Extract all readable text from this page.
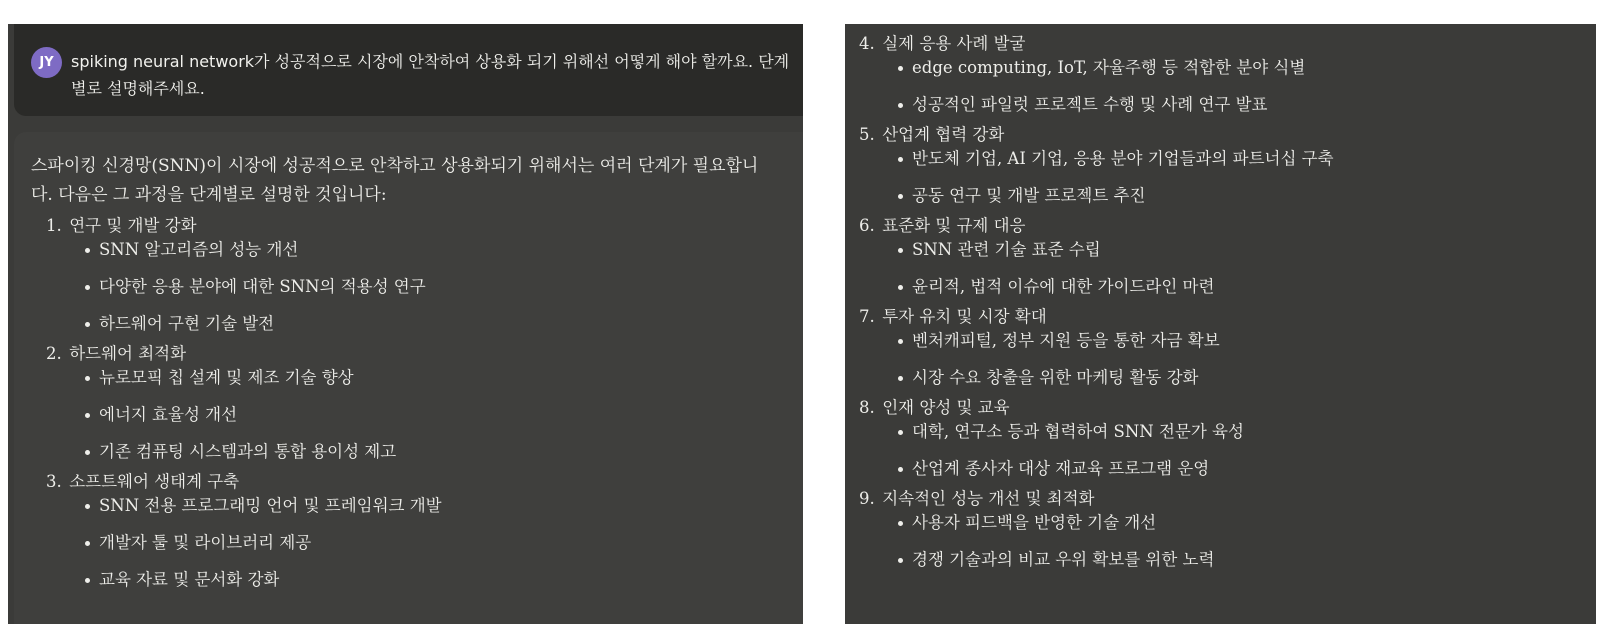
JY	spiking neural network가 성공적으로 시장에 안착하여 상용화 되기 위해선 어떻게 해야 할까요. 단계별로 설명해주세요.
스파이킹 신경망(SNN)이 시장에 성공적으로 안착하고 상용화되기 위해서는 여러 단계가 필요합니다. 다음은 그 과정을 단계별로 설명한 것입니다:
1. 연구 및 개발 강화
SNN 알고리즘의 성능 개선
다양한 응용 분야에 대한 SNN의 적용성 연구
하드웨어 구현 기술 발전
2. 하드웨어 최적화
뉴로모픽 칩 설계 및 제조 기술 향상
에너지 효율성 개선
기존 컴퓨팅 시스템과의 통합 용이성 제고
3. 소프트웨어 생태계 구축
SNN 전용 프로그래밍 언어 및 프레임워크 개발
개발자 툴 및 라이브러리 제공
교육 자료 및 문서화 강화
4. 실제 응용 사례 발굴
edge computing, IoT, 자율주행 등 적합한 분야 식별
성공적인 파일럿 프로젝트 수행 및 사례 연구 발표
5. 산업계 협력 강화
반도체 기업, AI 기업, 응용 분야 기업들과의 파트너십 구축
공동 연구 및 개발 프로젝트 추진
6. 표준화 및 규제 대응
SNN 관련 기술 표준 수립
윤리적, 법적 이슈에 대한 가이드라인 마련
7. 투자 유치 및 시장 확대
벤처캐피털, 정부 지원 등을 통한 자금 확보
시장 수요 창출을 위한 마케팅 활동 강화
8. 인재 양성 및 교육
대학, 연구소 등과 협력하여 SNN 전문가 육성
산업계 종사자 대상 재교육 프로그램 운영
9. 지속적인 성능 개선 및 최적화
사용자 피드백을 반영한 기술 개선
경쟁 기술과의 비교 우위 확보를 위한 노력
